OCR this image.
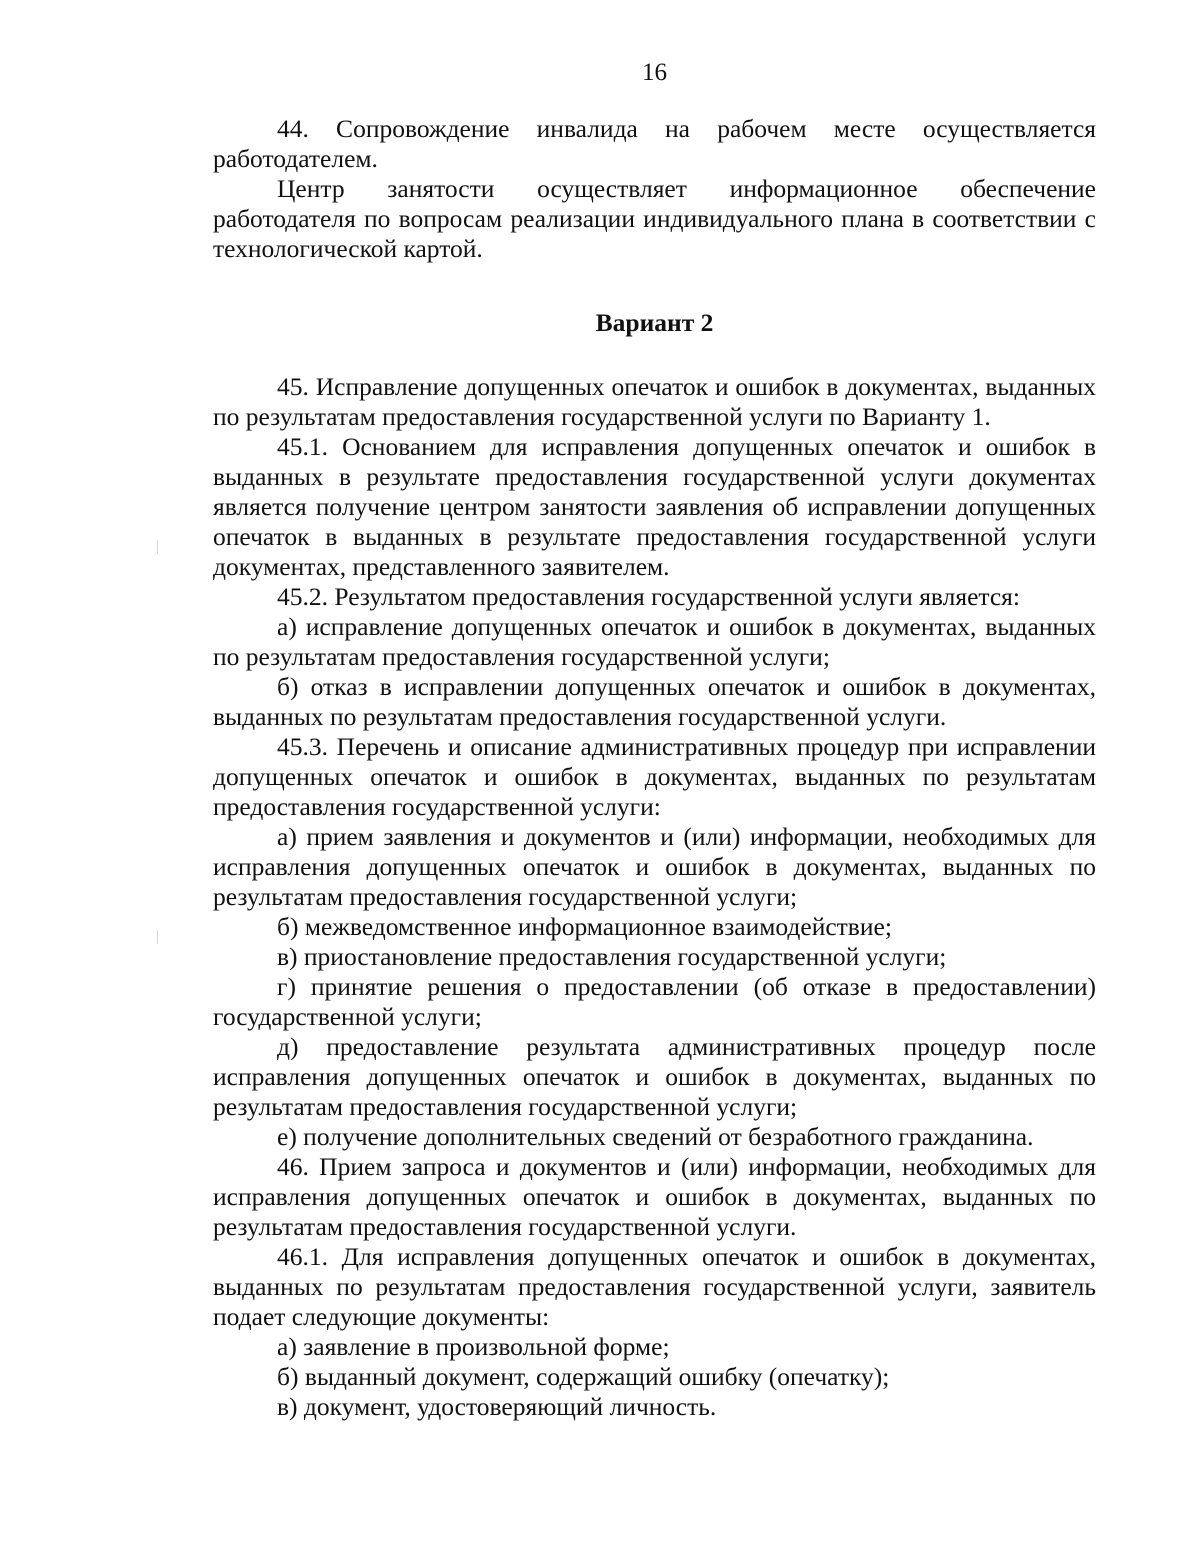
16

44. Сопровождение инвалида на рабочем месте осуществляется работодателем.

Центр занятости осуществляет информационное обеспечение работодателя по вопросам реализации индивидуального плана в соответствии с технологической картой.

Вариант 2

45. Исправление допущенных опечаток и ошибок в документах, выданных по результатам предоставления государственной услуги по Варианту 1.

45.1. Основанием для исправления допущенных опечаток и ошибок в выданных в результате предоставления государственной услуги документах является получение центром занятости заявления об исправлении допущенных опечаток в выданных в результате предоставления государственной услуги документах, представленного заявителем.

45.2. Результатом предоставления государственной услуги является:

а) исправление допущенных опечаток и ошибок в документах, выданных по результатам предоставления государственной услуги;

б) отказ в исправлении допущенных опечаток и ошибок в документах, выданных по результатам предоставления государственной услуги.

45.3. Перечень и описание административных процедур при исправлении допущенных опечаток и ошибок в документах, выданных по результатам предоставления государственной услуги:

а) прием заявления и документов и (или) информации, необходимых для исправления допущенных опечаток и ошибок в документах, выданных по результатам предоставления государственной услуги;

б) межведомственное информационное взаимодействие;

в) приостановление предоставления государственной услуги;

г) принятие решения о предоставлении (об отказе в предоставлении) государственной услуги;

д) предоставление результата административных процедур после исправления допущенных опечаток и ошибок в документах, выданных по результатам предоставления государственной услуги;

е) получение дополнительных сведений от безработного гражданина.

46. Прием запроса и документов и (или) информации, необходимых для исправления допущенных опечаток и ошибок в документах, выданных по результатам предоставления государственной услуги.

46.1. Для исправления допущенных опечаток и ошибок в документах, выданных по результатам предоставления государственной услуги, заявитель подает следующие документы:

а) заявление в произвольной форме;

б) выданный документ, содержащий ошибку (опечатку);

в) документ, удостоверяющий личность.
